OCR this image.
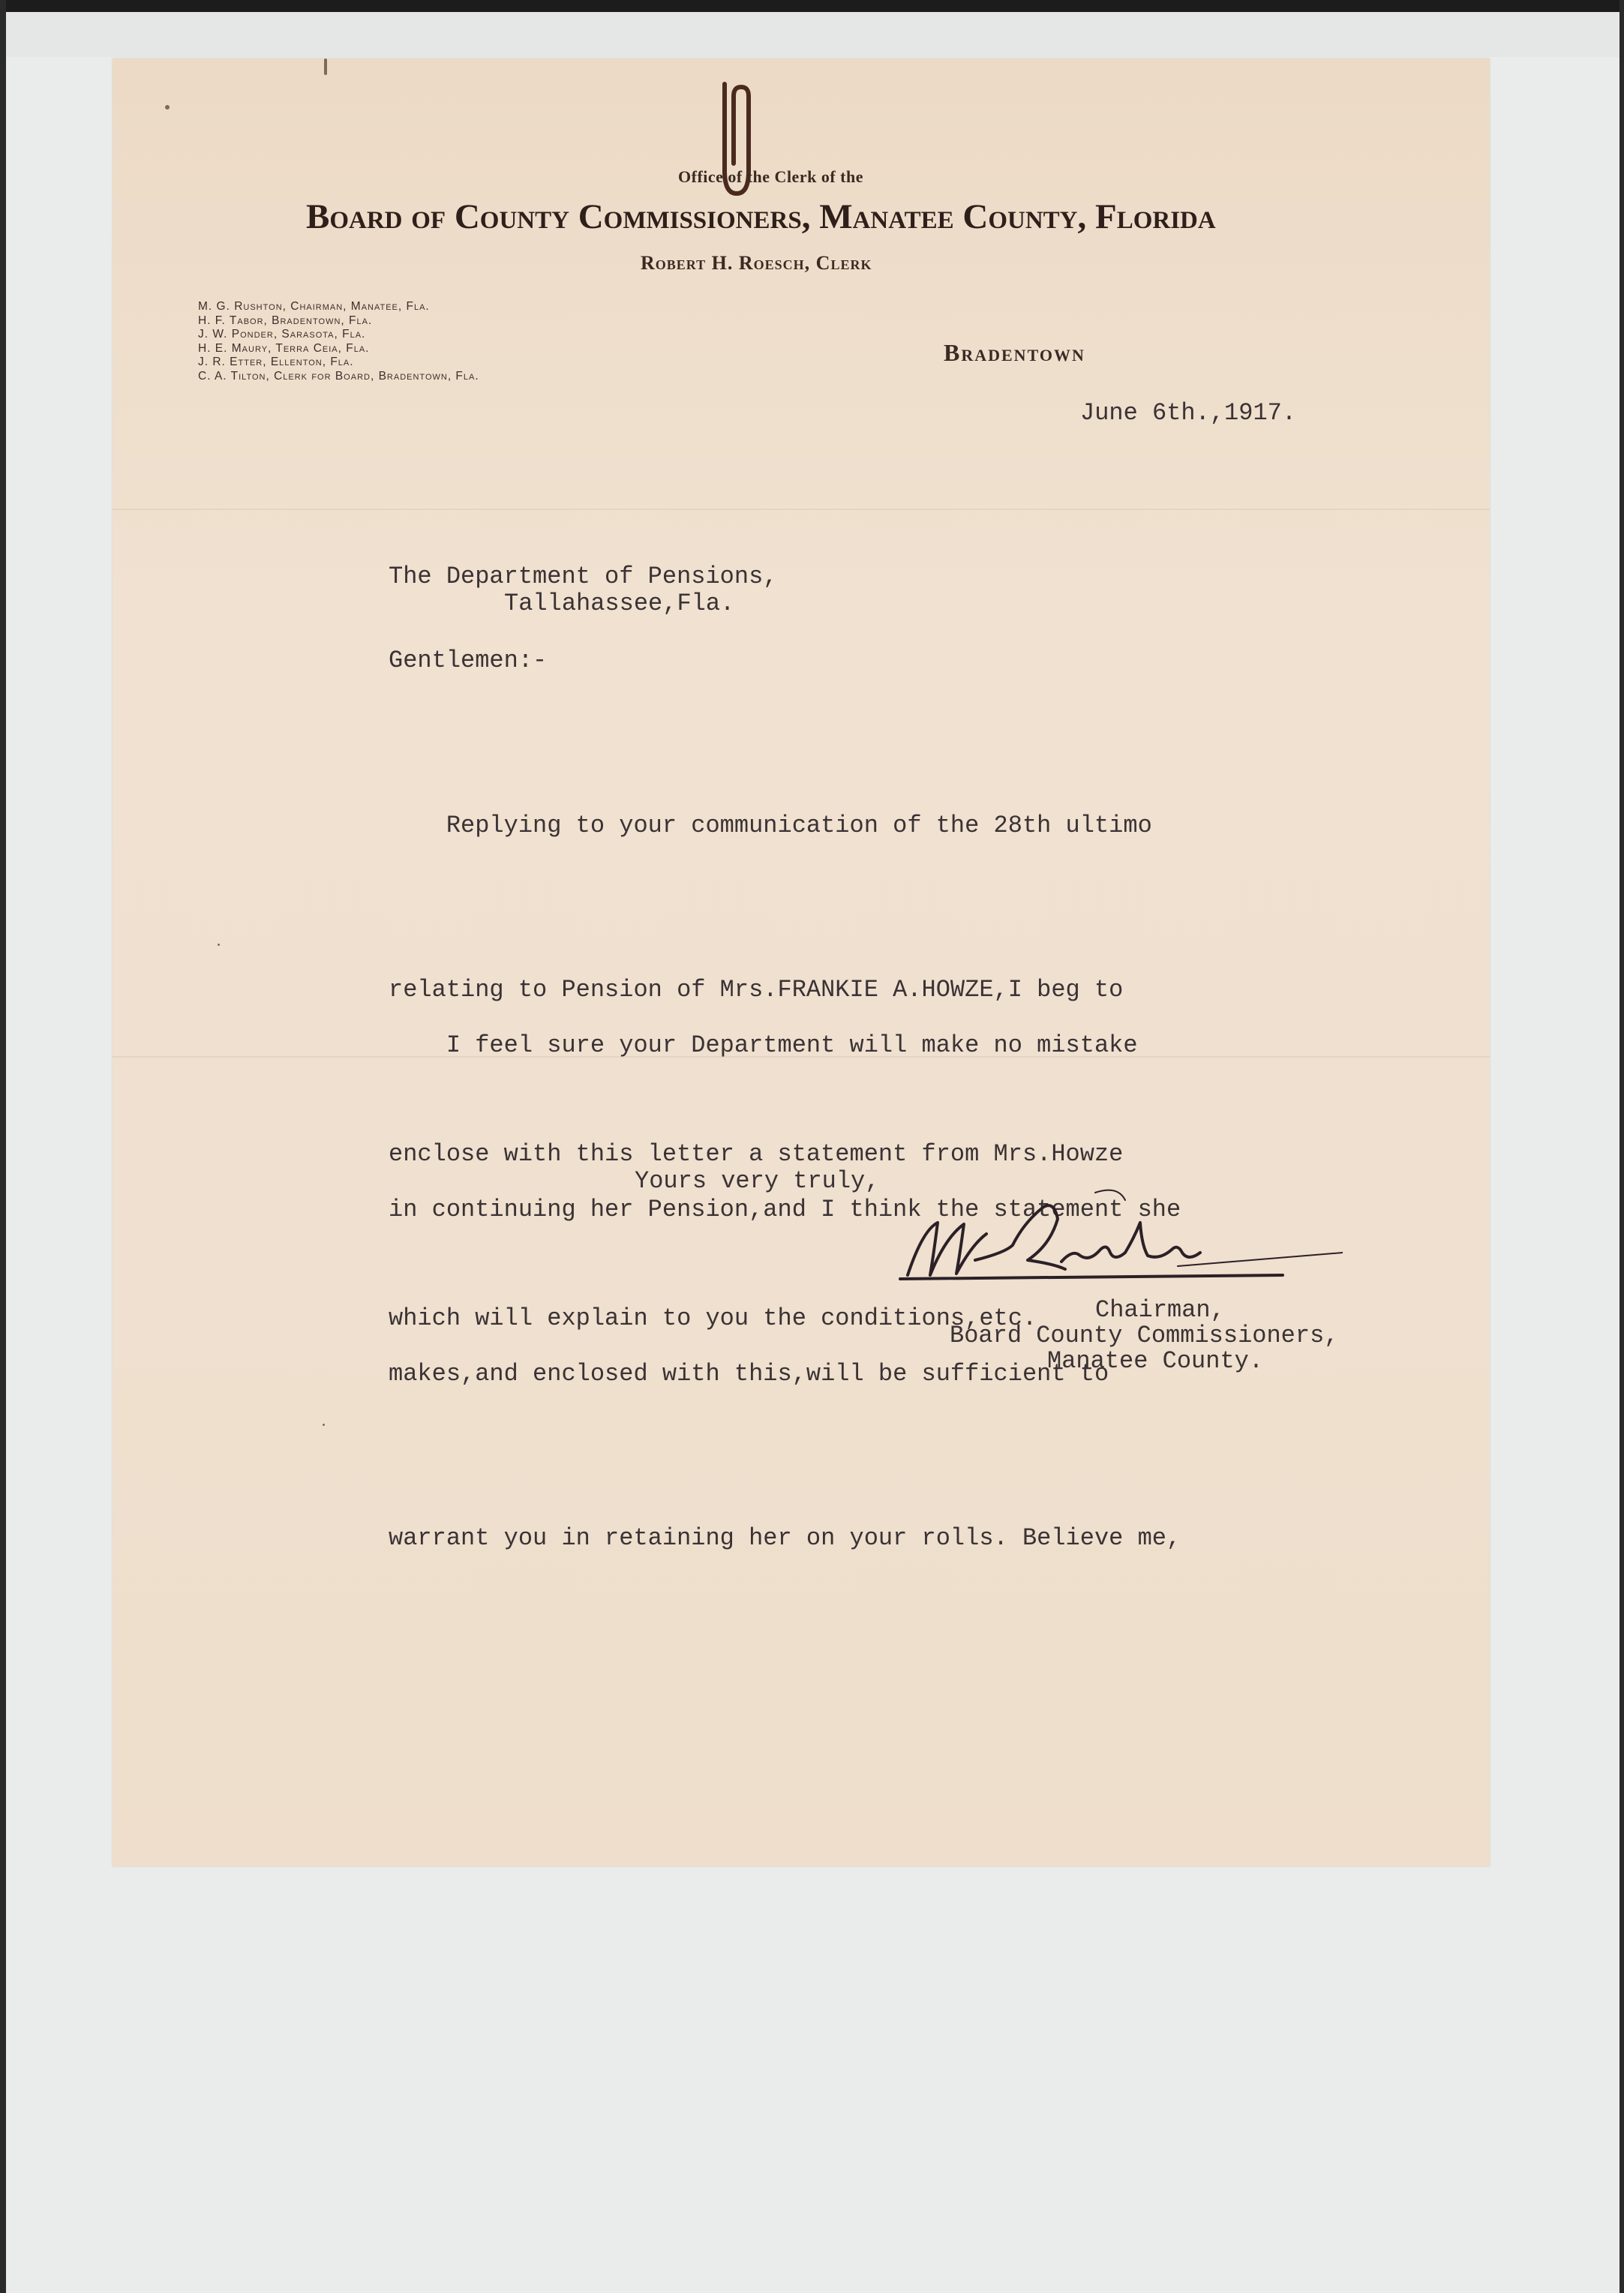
Office of the Clerk of the
Board of County Commissioners, Manatee County, Florida
Robert H. Roesch, Clerk
M. G. Rushton, Chairman, Manatee, Fla.
H. F. Tabor, Bradentown, Fla.
J. W. Ponder, Sarasota, Fla.
H. E. Maury, Terra Ceia, Fla.
J. R. Etter, Ellenton, Fla.
C. A. Tilton, Clerk for Board, Bradentown, Fla.
Bradentown
June 6th.,1917.
The Department of Pensions,
Tallahassee,Fla.
Gentlemen:-

Replying to your communication of the 28th ultimo

relating to Pension of Mrs.FRANKIE A.HOWZE,I beg to

enclose with this letter a statement from Mrs.Howze

which will explain to you the conditions,etc.

I feel sure your Department will make no mistake

in continuing her Pension,and I think the statement she

makes,and enclosed with this,will be sufficient to

warrant you in retaining her on your rolls. Believe me,

Yours very truly,
Chairman,
Board County Commissioners,
Manatee County.
